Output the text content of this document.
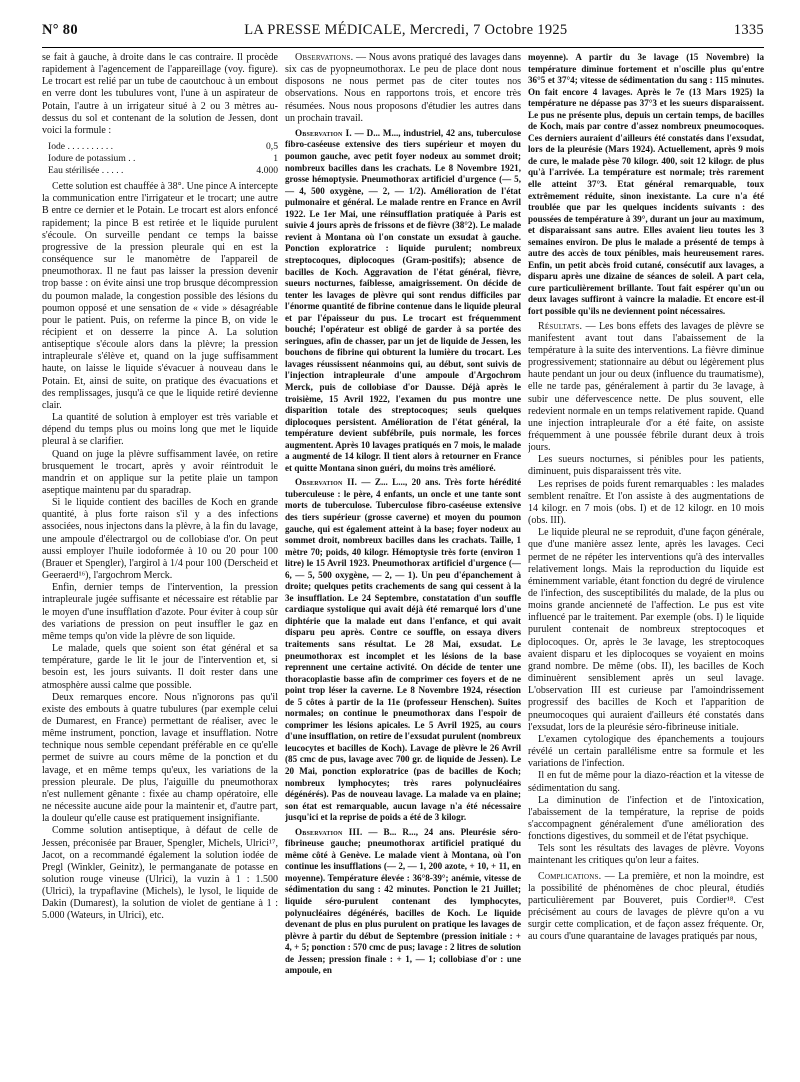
N° 80	LA PRESSE MÉDICALE, Mercredi, 7 Octobre 1925	1335

se fait à gauche, à droite dans le cas contraire. Il procède rapidement à l'agencement de l'appareillage (voy. figure). Le trocart est relié par un tube de caoutchouc à un embout en verre dont les tubulures vont, l'une à un aspirateur de Potain, l'autre à un irrigateur situé à 2 ou 3 mètres au-dessus du sol et contenant de la solution de Jessen, dont voici la formule :

Iode . . . . . . . . . .	0,5
Iodure de potassium . .	1
Eau stérilisée . . . . .	4.000

Cette solution est chauffée à 38°. Une pince A intercepte la communication entre l'irrigateur et le trocart; une autre B entre ce dernier et le Potain. Le trocart est alors enfoncé rapidement; la pince B est retirée et le liquide purulent s'écoule. On surveille pendant ce temps la baisse progressive de la pression pleurale qui en est la conséquence sur le manomètre de l'appareil de pneumothorax. Il ne faut pas laisser la pression devenir trop basse : on évite ainsi une trop brusque décompression du poumon malade, la congestion possible des lésions du poumon opposé et une sensation de « vide » désagréable pour le patient. Puis, on referme la pince B, on vide le récipient et on desserre la pince A. La solution antiseptique s'écoule alors dans la plèvre; la pression intrapleurale s'élève et, quand on la juge suffisamment haute, on laisse le liquide s'évacuer à nouveau dans le Potain. Et, ainsi de suite, on pratique des évacuations et des remplissages, jusqu'à ce que le liquide retiré devienne clair.

La quantité de solution à employer est très variable et dépend du temps plus ou moins long que met le liquide pleural à se clarifier.

Quand on juge la plèvre suffisamment lavée, on retire brusquement le trocart, après y avoir réintroduit le mandrin et on applique sur la petite plaie un tampon aseptique maintenu par du sparadrap.

Si le liquide contient des bacilles de Koch en grande quantité, à plus forte raison s'il y a des infections associées, nous injectons dans la plèvre, à la fin du lavage, une ampoule d'électrargol ou de collobiase d'or. On peut aussi employer l'huile iodoformée à 10 ou 20 pour 100 (Brauer et Spengler), l'argirol à 1/4 pour 100 (Derscheid et Geeraerd¹⁶), l'argochrom Merck.

Enfin, dernier temps de l'intervention, la pression intrapleurale jugée suffisante et nécessaire est rétablie par le moyen d'une insufflation d'azote. Pour éviter à coup sûr des variations de pression on peut insuffler le gaz en même temps qu'on vide la plèvre de son liquide.

Le malade, quels que soient son état général et sa température, garde le lit le jour de l'intervention et, si besoin est, les jours suivants. Il doit rester dans une atmosphère aussi calme que possible.

Deux remarques encore. Nous n'ignorons pas qu'il existe des embouts à quatre tubulures (par exemple celui de Dumarest, en France) permettant de réaliser, avec le même instrument, ponction, lavage et insufflation. Notre technique nous semble cependant préférable en ce qu'elle permet de suivre au cours même de la ponction et du lavage, et en même temps qu'eux, les variations de la pression pleurale. De plus, l'aiguille du pneumothorax n'est nullement gênante : fixée au champ opératoire, elle ne nécessite aucune aide pour la maintenir et, d'autre part, la douleur qu'elle cause est pratiquement insignifiante.

Comme solution antiseptique, à défaut de celle de Jessen, préconisée par Brauer, Spengler, Michels, Ulrici¹⁷, Jacot, on a recommandé également la solution iodée de Pregl (Winkler, Geinitz), le permanganate de potasse en solution rouge vineuse (Ulrici), la vuzin à 1 : 1.500 (Ulrici), la trypaflavine (Michels), le lysol, le liquide de Dakin (Dumarest), la solution de violet de gentiane à 1 : 5.000 (Wateurs, in Ulrici), etc.

Observations. — Nous avons pratiqué des lavages dans six cas de pyopneumothorax. Le peu de place dont nous disposons ne nous permet pas de citer toutes nos observations. Nous en rapportons trois, et encore très résumées. Nous nous proposons d'étudier les autres dans un prochain travail.

Observation I. — D... M..., industriel, 42 ans, tuberculose fibro-caséeuse extensive des tiers supérieur et moyen du poumon gauche, avec petit foyer nodeux au sommet droit; nombreux bacilles dans les crachats. Le 8 Novembre 1921, grosse hémoptysie. Pneumothorax artificiel d'urgence (— 5, — 4, 500 oxygène, — 2, — 1/2). Amélioration de l'état pulmonaire et général. Le malade rentre en France en Avril 1922. Le 1er Mai, une réinsufflation pratiquée à Paris est suivie 4 jours après de frissons et de fièvre (38°2). Le malade revient à Montana où l'on constate un exsudat à gauche. Ponction exploratrice : liquide purulent; nombreux streptocoques, diplocoques (Gram-positifs); absence de bacilles de Koch. Aggravation de l'état général, fièvre, sueurs nocturnes, faiblesse, amaigrissement. On décide de tenter les lavages de plèvre qui sont rendus difficiles par l'énorme quantité de fibrine contenue dans le liquide pleural et par l'épaisseur du pus. Le trocart est fréquemment bouché; l'opérateur est obligé de garder à sa portée des seringues, afin de chasser, par un jet de liquide de Jessen, les bouchons de fibrine qui obturent la lumière du trocart. Les lavages réussissent néanmoins qui, au début, sont suivis de l'injection intrapleurale d'une ampoule d'Argochrom Merck, puis de collobiase d'or Dausse. Déjà après le troisième, 15 Avril 1922, l'examen du pus montre une disparition totale des streptocoques; seuls quelques diplocoques persistent. Amélioration de l'état général, la température devient subfébrile, puis normale, les forces augmentent. Après 10 lavages pratiqués en 7 mois, le malade a augmenté de 14 kilogr. Il tient alors à retourner en France et quitte Montana sinon guéri, du moins très amélioré.

Observation II. — Z... L..., 20 ans. Très forte hérédité tuberculeuse : le père, 4 enfants, un oncle et une tante sont morts de tuberculose. Tuberculose fibro-caséeuse extensive des tiers supérieur (grosse caverne) et moyen du poumon gauche, qui est également atteint à la base; foyer nodeux au sommet droit, nombreux bacilles dans les crachats. Taille, 1 mètre 70; poids, 40 kilogr. Hémoptysie très forte (environ 1 litre) le 15 Avril 1923. Pneumothorax artificiel d'urgence (— 6, — 5, 500 oxygène, — 2, — 1). Un peu d'épanchement à droite; quelques petits crachements de sang qui cessent à la 3e insufflation. Le 24 Septembre, constatation d'un souffle cardiaque systolique qui avait déjà été remarqué lors d'une diphtérie que la malade eut dans l'enfance, et qui avait disparu peu après. Contre ce souffle, on essaya divers traitements sans résultat. Le 28 Mai, exsudat. Le pneumothorax est incomplet et les lésions de la base reprennent une certaine activité. On décide de tenter une thoracoplastie basse afin de comprimer ces foyers et de ne point trop léser la caverne. Le 8 Novembre 1924, résection de 5 côtes à partir de la 11e (professeur Henschen). Suites normales; on continue le pneumothorax dans l'espoir de comprimer les lésions apicales. Le 5 Avril 1925, au cours d'une insufflation, on retire de l'exsudat purulent (nombreux leucocytes et bacilles de Koch). Lavage de plèvre le 26 Avril (85 cmc de pus, lavage avec 700 gr. de liquide de Jessen). Le 20 Mai, ponction exploratrice (pas de bacilles de Koch; nombreux lymphocytes; très rares polynucléaires dégénérés). Pas de nouveau lavage. La malade va en plaine; son état est remarquable, aucun lavage n'a été nécessaire jusqu'ici et la reprise de poids a été de 3 kilogr.

Observation III. — B... R..., 24 ans. Pleurésie séro-fibrineuse gauche; pneumothorax artificiel pratiqué du même côté à Genève. Le malade vient à Montana, où l'on continue les insufflations (— 2, — 1, 200 azote, + 10, + 11, en moyenne). Température élevée : 36°8-39°; anémie, vitesse de sédimentation du sang : 42 minutes. Ponction le 21 Juillet; liquide séro-purulent contenant des lymphocytes, polynucléaires dégénérés, bacilles de Koch. Le liquide devenant de plus en plus purulent on pratique les lavages de plèvre à partir du début de Septembre (pression initiale : + 4, + 5; ponction : 570 cmc de pus; lavage : 2 litres de solution de Jessen; pression finale : + 1, — 1; collobiase d'or : une ampoule, en

moyenne). A partir du 3e lavage (15 Novembre) la température diminue fortement et n'oscille plus qu'entre 36°5 et 37°4; vitesse de sédimentation du sang : 115 minutes. On fait encore 4 lavages. Après le 7e (13 Mars 1925) la température ne dépasse pas 37°3 et les sueurs disparaissent. Le pus ne présente plus, depuis un certain temps, de bacilles de Koch, mais par contre d'assez nombreux pneumocoques. Ces derniers auraient d'ailleurs été constatés dans l'exsudat, lors de la pleurésie (Mars 1924). Actuellement, après 9 mois de cure, le malade pèse 70 kilogr. 400, soit 12 kilogr. de plus qu'à l'arrivée. La température est normale; très rarement elle atteint 37°3. Etat général remarquable, toux extrêmement réduite, sinon inexistante. La cure n'a été troublée que par les quelques incidents suivants : des poussées de température à 39°, durant un jour au maximum, et disparaissant sans autre. Elles avaient lieu toutes les 3 semaines environ. De plus le malade a présenté de temps à autre des accès de toux pénibles, mais heureusement rares. Enfin, un petit abcès froid cutané, consécutif aux lavages, a disparu après une dizaine de séances de soleil. A part cela, cure particulièrement brillante. Tout fait espérer qu'un ou deux lavages suffiront à vaincre la maladie. Et encore est-il fort possible qu'ils ne deviennent point nécessaires.

Résultats. — Les bons effets des lavages de plèvre se manifestent avant tout dans l'abaissement de la température à la suite des interventions. La fièvre diminue progressivement; stationnaire au début ou légèrement plus haute pendant un jour ou deux (influence du traumatisme), elle ne tarde pas, généralement à partir du 3e lavage, à subir une défervescence nette. De plus souvent, elle redevient normale en un temps relativement rapide. Quand une injection intrapleurale d'or a été faite, on assiste fréquemment à une poussée fébrile durant deux à trois jours.

Les sueurs nocturnes, si pénibles pour les patients, diminuent, puis disparaissent très vite.

Les reprises de poids furent remarquables : les malades semblent renaître. Et l'on assiste à des augmentations de 14 kilogr. en 7 mois (obs. I) et de 12 kilogr. en 10 mois (obs. III).

Le liquide pleural ne se reproduit, d'une façon générale, que d'une manière assez lente, après les lavages. Ceci permet de ne répéter les interventions qu'à des intervalles relativement longs. Mais la reproduction du liquide est éminemment variable, étant fonction du degré de virulence de l'infection, des susceptibilités du malade, de la plus ou moins grande ancienneté de l'affection. Le pus est vite influencé par le traitement. Par exemple (obs. I) le liquide purulent contenait de nombreux streptocoques et diplocoques. Or, après le 3e lavage, les streptocoques avaient disparu et les diplocoques se voyaient en moins grand nombre. De même (obs. II), les bacilles de Koch diminuèrent sensiblement après un seul lavage. L'observation III est curieuse par l'amoindrissement progressif des bacilles de Koch et l'apparition de pneumocoques qui auraient d'ailleurs été constatés dans l'exsudat, lors de la pleurésie séro-fibrineuse initiale.

L'examen cytologique des épanchements a toujours révélé un certain parallélisme entre sa formule et les variations de l'infection.

Il en fut de même pour la diazo-réaction et la vitesse de sédimentation du sang.

La diminution de l'infection et de l'intoxication, l'abaissement de la température, la reprise de poids s'accompagnent généralement d'une amélioration des fonctions digestives, du sommeil et de l'état psychique.

Tels sont les résultats des lavages de plèvre. Voyons maintenant les critiques qu'on leur a faites.

Complications. — La première, et non la moindre, est la possibilité de phénomènes de choc pleural, étudiés particulièrement par Bouveret, puis Cordier¹⁸. C'est précisément au cours de lavages de plèvre qu'on a vu surgir cette complication, et de façon assez fréquente. Or, au cours d'une quarantaine de lavages pratiqués par nous,
